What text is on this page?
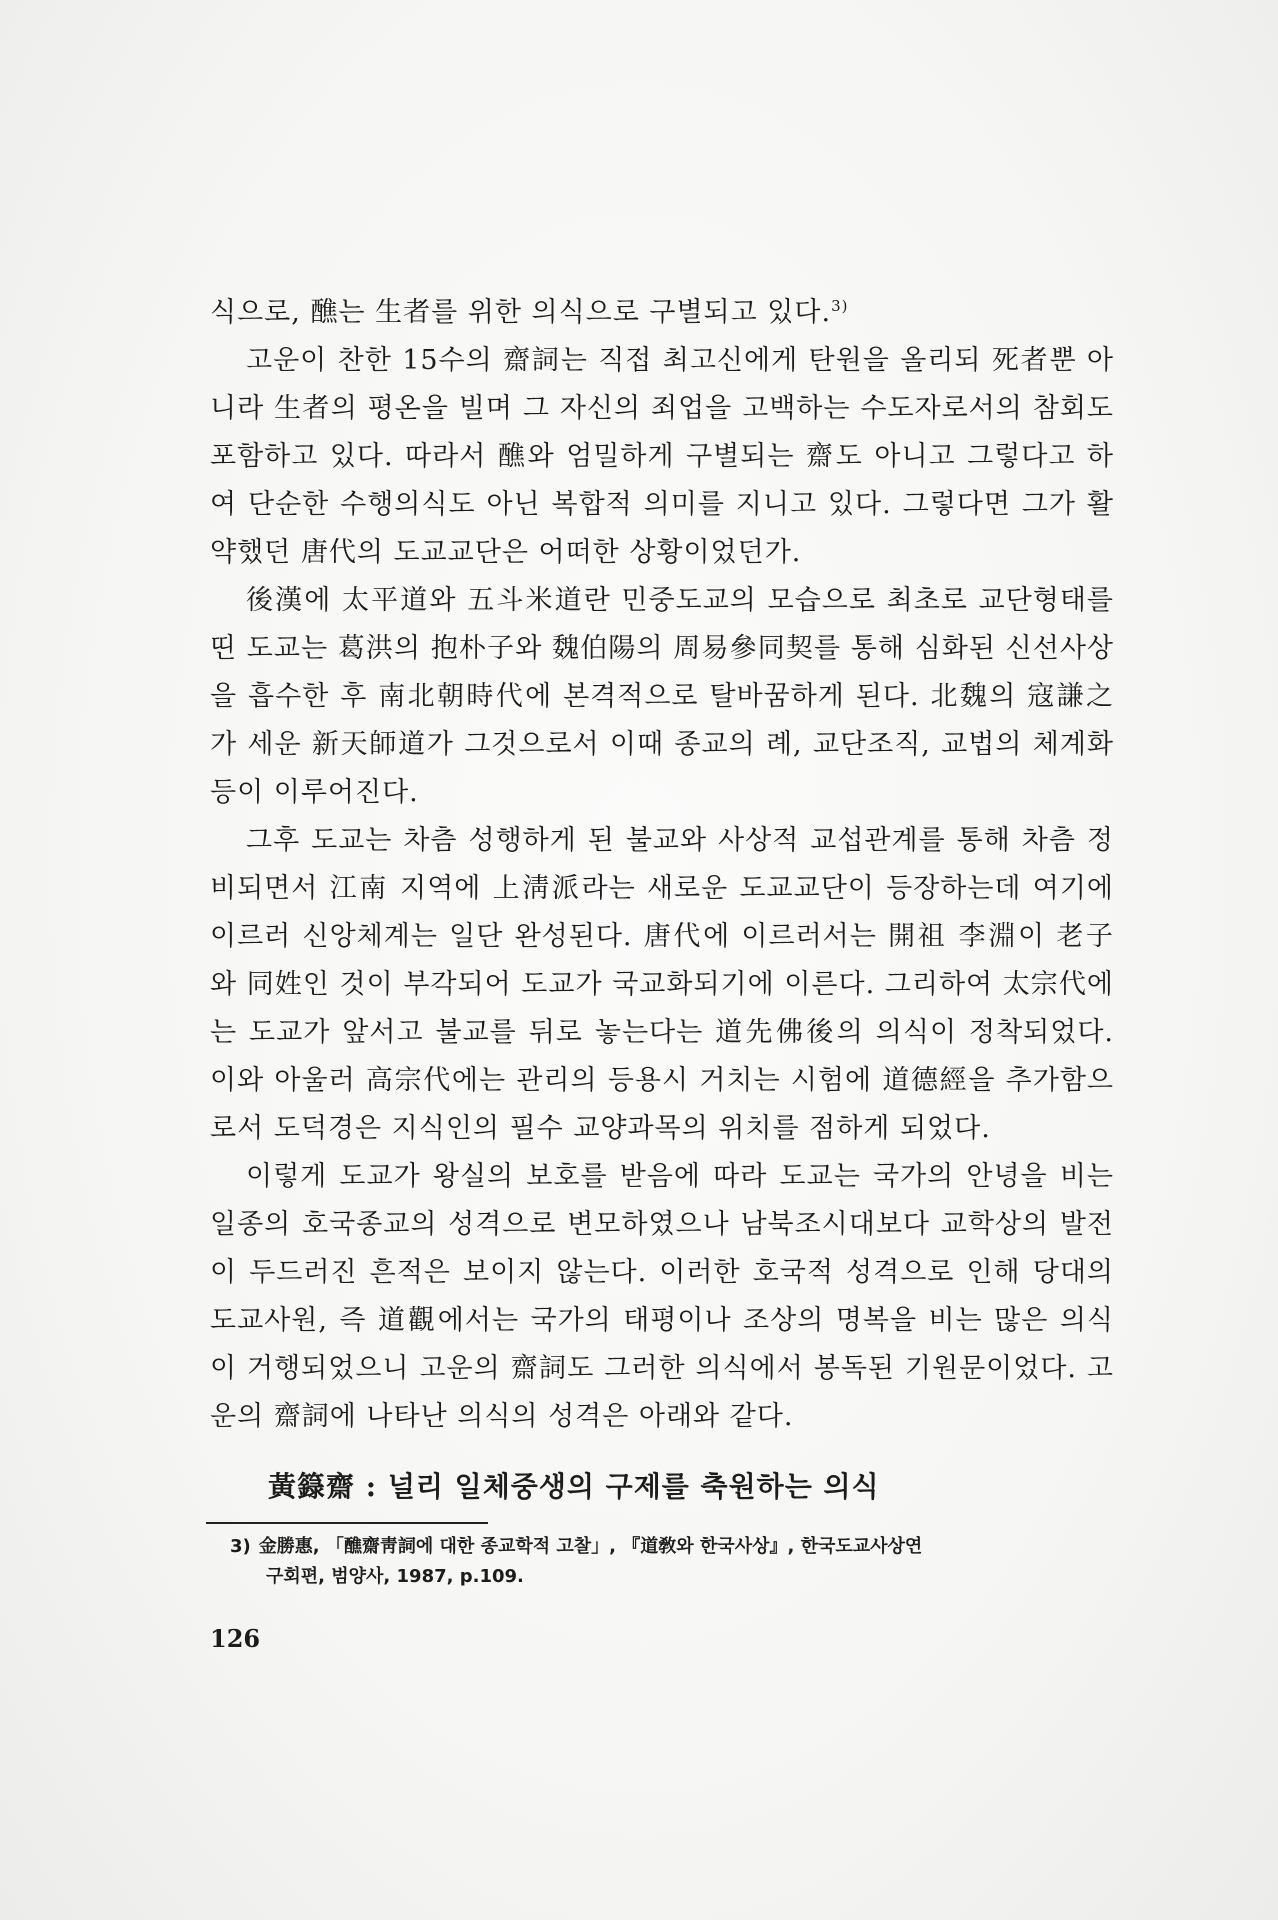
식으로, 醮는 生者를 위한 의식으로 구별되고 있다.$^{3)}$

고운이 찬한 15수의 齋詞는 직접 최고신에게 탄원을 올리되 死者뿐 아니라 生者의 평온을 빌며 그 자신의 죄업을 고백하는 수도자로서의 참회도 포함하고 있다. 따라서 醮와 엄밀하게 구별되는 齋도 아니고 그렇다고 하여 단순한 수행의식도 아닌 복합적 의미를 지니고 있다. 그렇다면 그가 활약했던 唐代의 도교교단은 어떠한 상황이었던가.

後漢에 太平道와 五斗米道란 민중도교의 모습으로 최초로 교단형태를 띤 도교는 葛洪의 抱朴子와 魏伯陽의 周易參同契를 통해 심화된 신선사상을 흡수한 후 南北朝時代에 본격적으로 탈바꿈하게 된다. 北魏의 寇謙之가 세운 新天師道가 그것으로서 이때 종교의 례, 교단조직, 교법의 체계화 등이 이루어진다.

그후 도교는 차츰 성행하게 된 불교와 사상적 교섭관계를 통해 차츰 정비되면서 江南 지역에 上淸派라는 새로운 도교교단이 등장하는데 여기에 이르러 신앙체계는 일단 완성된다. 唐代에 이르러서는 開祖 李淵이 老子와 同姓인 것이 부각되어 도교가 국교화되기에 이른다. 그리하여 太宗代에는 도교가 앞서고 불교를 뒤로 놓는다는 道先佛後의 의식이 정착되었다. 이와 아울러 高宗代에는 관리의 등용시 거치는 시험에 道德經을 추가함으로서 도덕경은 지식인의 필수 교양과목의 위치를 점하게 되었다.

이렇게 도교가 왕실의 보호를 받음에 따라 도교는 국가의 안녕을 비는 일종의 호국종교의 성격으로 변모하였으나 남북조시대보다 교학상의 발전이 두드러진 흔적은 보이지 않는다. 이러한 호국적 성격으로 인해 당대의 도교사원, 즉 道觀에서는 국가의 태평이나 조상의 명복을 비는 많은 의식이 거행되었으니 고운의 齋詞도 그러한 의식에서 봉독된 기원문이었다. 고운의 齋詞에 나타난 의식의 성격은 아래와 같다.

黃籙齋 : 널리 일체중생의 구제를 축원하는 의식
3) 金勝惠, 「醮齋靑詞에 대한 종교학적 고찰」, 『道敎와 한국사상』, 한국도교사상연
구회편, 범양사, 1987, p.109.
126
